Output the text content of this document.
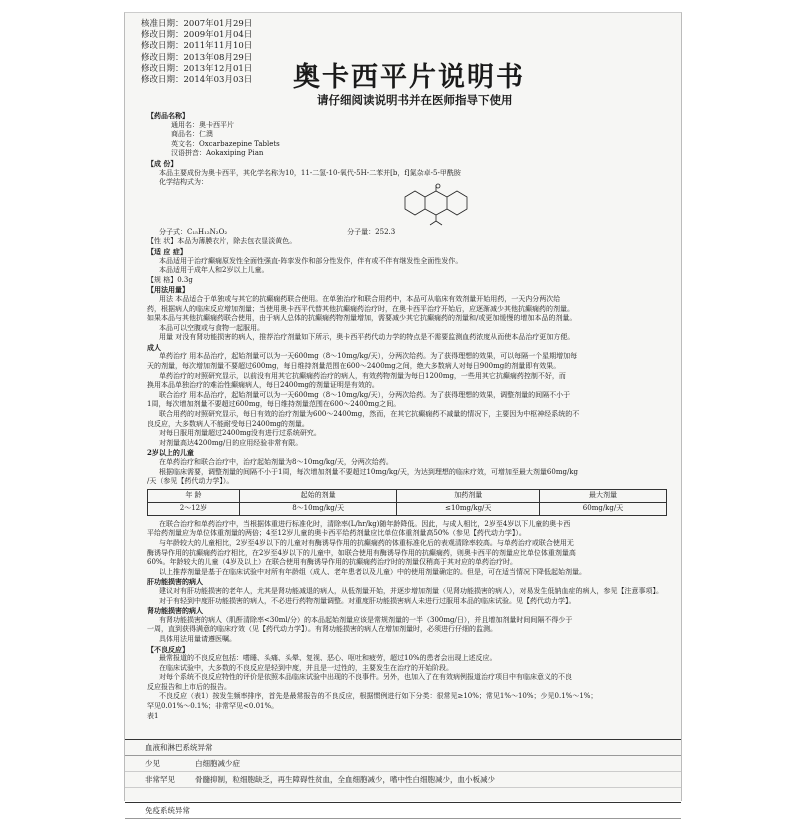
核准日期：2007年01月29日
修改日期：2009年01月04日
修改日期：2011年11月10日
修改日期：2013年08月29日
修改日期：2013年12月01日
修改日期：2014年03月03日 奥卡西平片说明书
请仔细阅读说明书并在医师指导下使用

【药品名称】

通用名：奥卡西平片

商品名：仁澳

英文名：Oxcarbazepine Tablets

汉语拼音：Aokaxiping Pian

【成 份】

本品主要成份为奥卡西平，其化学名称为10，11-二氢-10-氧代-5H-二苯并[b，f]氮杂卓-5-甲酰胺

化学结构式为：

分子式：C₁₅H₁₂N₂O₂	分子量：252.3

【性 状】本品为薄膜衣片，除去包衣显淡黄色。

【适 应 症】

本品适用于治疗癫痫原发性全面性强直-阵挛发作和部分性发作，伴有或不伴有继发性全面性发作。

本品适用于成年人和2岁以上儿童。

【规 格】0.3g

【用法用量】

用法 本品适合于单独或与其它的抗癫痫药联合使用。在单独治疗和联合用药中，本品可从临床有效剂量开始用药，一天内分两次给

药，根据病人的临床反应增加剂量；当使用奥卡西平代替其他抗癫痫药治疗时，在奥卡西平治疗开始后，应逐渐减少其他抗癫痫药的剂量。

如果本品与其他抗癫痫药联合使用，由于病人总体的抗癫痫药物剂量增加，需要减少其它抗癫痫药的剂量和/或更加缓慢的增加本品的剂量。

本品可以空腹或与食物一起服用。

用量 对没有肾功能损害的病人，推荐治疗剂量如下所示，奥卡西平药代动力学的特点是不需要监测血药浓度从而使本品治疗更加方便。

成人

单药治疗 用本品治疗，起始剂量可以为一天600mg（8～10mg/kg/天），分两次给药。为了获得理想的效果，可以每隔一个星期增加每

天的剂量，每次增加剂量不要超过600mg，每日维持剂量范围在600～2400mg之间，绝大多数病人对每日900mg的剂量即有效果。

单药治疗的对照研究显示，以前没有用其它抗癫痫药治疗的病人，有效药物剂量为每日1200mg，一些用其它抗癫痫药控制不好，而

换用本品单独治疗的难治性癫痫病人，每日2400mg的剂量证明是有效的。

联合治疗 用本品治疗，起始剂量可以为一天600mg（8～10mg/kg/天），分两次给药。为了获得理想的效果，调整剂量的间隔不小于

1周，每次增加剂量不要超过600mg，每日维持剂量范围在600～2400mg之间。

联合用药的对照研究显示，每日有效的治疗剂量为600～2400mg，然而，在其它抗癫痫药不减量的情况下，主要因为中枢神经系统的不

良反应，大多数病人不能耐受每日2400mg的剂量。

对每日服用剂量超过2400mg没有进行过系统研究。

对剂量高达4200mg/日的应用经验非常有限。

2岁以上的儿童

在单药治疗和联合治疗中，治疗起始剂量为8～10mg/kg/天，分两次给药。

根据临床需要，调整剂量的间隔不小于1周，每次增加剂量不要超过10mg/kg/天，为达到理想的临床疗效，可增加至最大剂量60mg/kg

/天（参见【药代动力学】）。

年 龄	起始的剂量	加药剂量	最大剂量
2～12岁	8～10mg/kg/天	≤10mg/kg/天	60mg/kg/天

在联合治疗和单药治疗中，当根据体重进行标准化时，清除率(L/hr/kg)随年龄降低。因此，与成人相比，2岁至4岁以下儿童的奥卡西

平给药剂量应为单位体重剂量的两倍；4至12岁儿童的奥卡西平给药剂量应比单位体重剂量高50%（参见【药代动力学】）。

与年龄较大的儿童相比，2岁至4岁以下的儿童对有酶诱导作用的抗癫痫药的体重标准化后的表观清除率较高。与单药治疗或联合使用无

酶诱导作用的抗癫痫药治疗相比，在2岁至4岁以下的儿童中，如联合使用有酶诱导作用的抗癫痫药，则奥卡西平的剂量应比单位体重剂量高

60%。年龄较大的儿童（4岁及以上）在联合使用有酶诱导作用的抗癫痫药治疗时的剂量仅稍高于其对应的单药治疗时。

以上推荐剂量是基于在临床试验中对所有年龄组（成人、老年患者以及儿童）中的使用剂量确定的。但是，可在适当情况下降低起始剂量。

肝功能损害的病人

建议对有肝功能损害的老年人，尤其是肾功能减退的病人，从低剂量开始，并逐步增加剂量（见肾功能损害的病人），对易发生低钠血症的病人，参见【注意事项】。

对于有轻到中度肝功能损害的病人，不必进行药物剂量调整。对重度肝功能损害病人未进行过服用本品的临床试验。见【药代动力学】。

肾功能损害的病人

有肾功能损害的病人（肌酐清除率<30ml/分）的本品起始剂量应该是常规剂量的一半（300mg/日），并且增加剂量时间间隔不得少于

一周，直到获得满意的临床疗效（见【药代动力学】）。有肾功能损害的病人在增加剂量时，必须进行仔细的监测。

具体用法用量请遵医嘱。

【不良反应】

最常报道的不良反应包括：嗜睡、头痛、头晕、复视、恶心、呕吐和疲劳，超过10%的患者会出现上述反应。

在临床试验中，大多数的不良反应是轻到中度，并且是一过性的，主要发生在治疗的开始阶段。

对每个系统不良反应特性的评价是依照本品临床试验中出现的不良事件。另外，也加入了在有效病例报道治疗项目中有临床意义的不良

反应报告和上市后的报告。

不良反应（表1）按发生频率排序，首先是最常报告的不良反应，根据惯例进行如下分类：很常见≥10%；常见1%～10%；少见0.1%～1%；

罕见0.01%～0.1%；非常罕见<0.01%。

表1

血液和淋巴系统异常
少见	白细胞减少症
非常罕见	骨髓抑制，粒细胞缺乏，再生障碍性贫血，全血细胞减少，嗜中性白细胞减少，血小板减少
免疫系统异常
